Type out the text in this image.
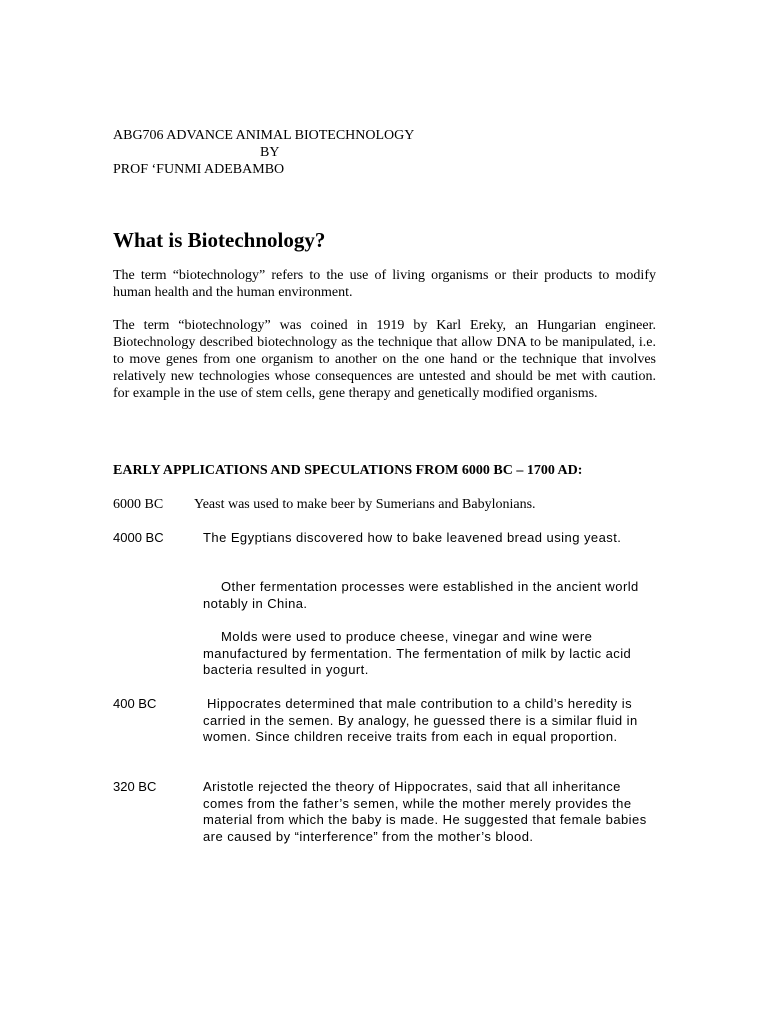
ABG706 ADVANCE ANIMAL BIOTECHNOLOGY

BY

PROF ‘FUNMI ADEBAMBO

What is Biotechnology?

The term “biotechnology” refers to the use of living organisms or their products to modify human health and the human environment.

The term “biotechnology” was coined in 1919 by Karl Ereky, an Hungarian engineer. Biotechnology described biotechnology as the technique that allow DNA to be manipulated, i.e. to move genes from one organism to another on the one hand or the technique that involves relatively new technologies whose consequences are untested and should be met with caution. for example in the use of stem cells, gene therapy and genetically modified organisms.

EARLY APPLICATIONS AND SPECULATIONS FROM 6000 BC – 1700 AD:

6000 BC Yeast was used to make beer by Sumerians and Babylonians.

4000 BC	The Egyptians discovered how to bake leavened bread using yeast.

Other fermentation processes were established in the ancient world notably in China.

Molds were used to produce cheese, vinegar and wine were manufactured by fermentation. The fermentation of milk by lactic acid bacteria resulted in yogurt.

400 BC	Hippocrates determined that male contribution to a child’s heredity is carried in the semen. By analogy, he guessed there is a similar fluid in women. Since children receive traits from each in equal proportion.

320 BC	Aristotle rejected the theory of Hippocrates, said that all inheritance comes from the father’s semen, while the mother merely provides the material from which the baby is made. He suggested that female babies are caused by “interference” from the mother’s blood.
